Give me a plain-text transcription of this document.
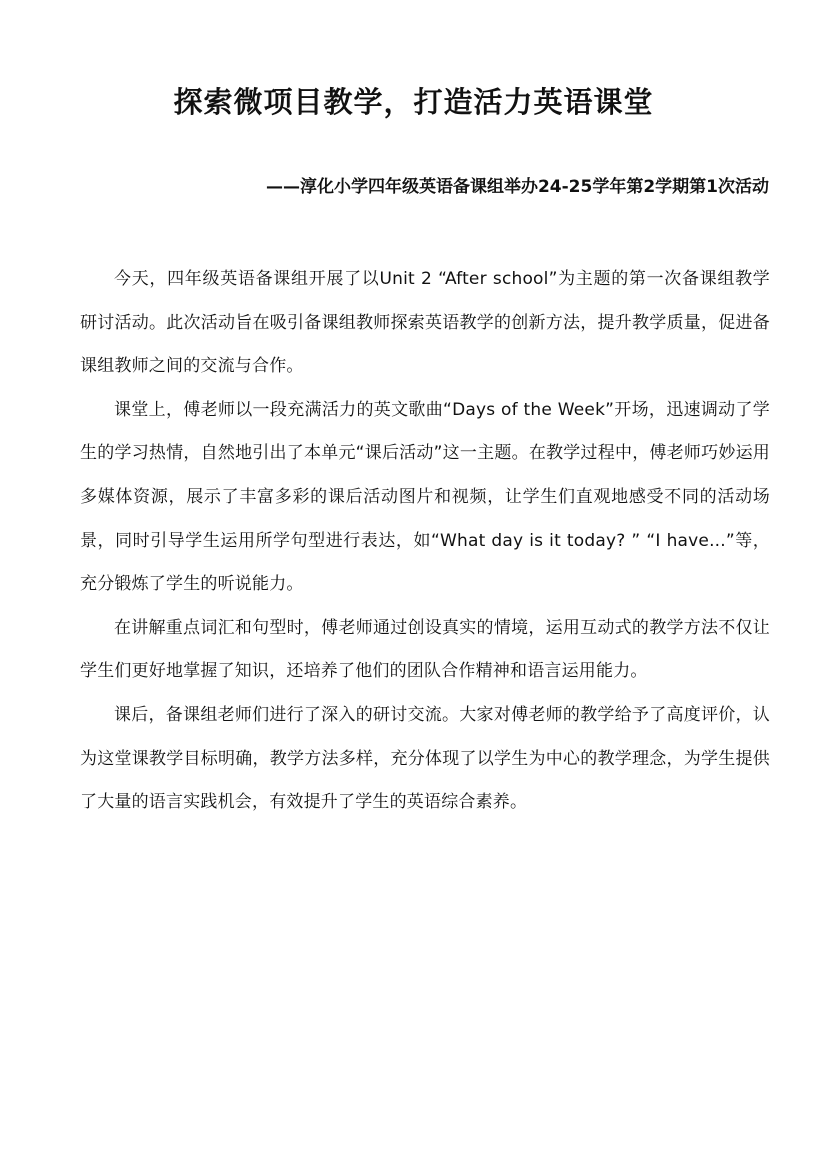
探索微项目教学，打造活力英语课堂

——淳化小学四年级英语备课组举办24-25学年第2学期第1次活动

今天，四年级英语备课组开展了以Unit 2 “After school”为主题的第一次备课组教学研讨活动。此次活动旨在吸引备课组教师探索英语教学的创新方法，提升教学质量，促进备课组教师之间的交流与合作。

课堂上，傅老师以一段充满活力的英文歌曲“Days of the Week”开场，迅速调动了学生的学习热情，自然地引出了本单元“课后活动”这一主题。在教学过程中，傅老师巧妙运用多媒体资源，展示了丰富多彩的课后活动图片和视频，让学生们直观地感受不同的活动场景，同时引导学生运用所学句型进行表达，如“What day is it today? ” “I have...”等，充分锻炼了学生的听说能力。

在讲解重点词汇和句型时，傅老师通过创设真实的情境，运用互动式的教学方法不仅让学生们更好地掌握了知识，还培养了他们的团队合作精神和语言运用能力。

课后，备课组老师们进行了深入的研讨交流。大家对傅老师的教学给予了高度评价，认为这堂课教学目标明确，教学方法多样，充分体现了以学生为中心的教学理念，为学生提供了大量的语言实践机会，有效提升了学生的英语综合素养。
